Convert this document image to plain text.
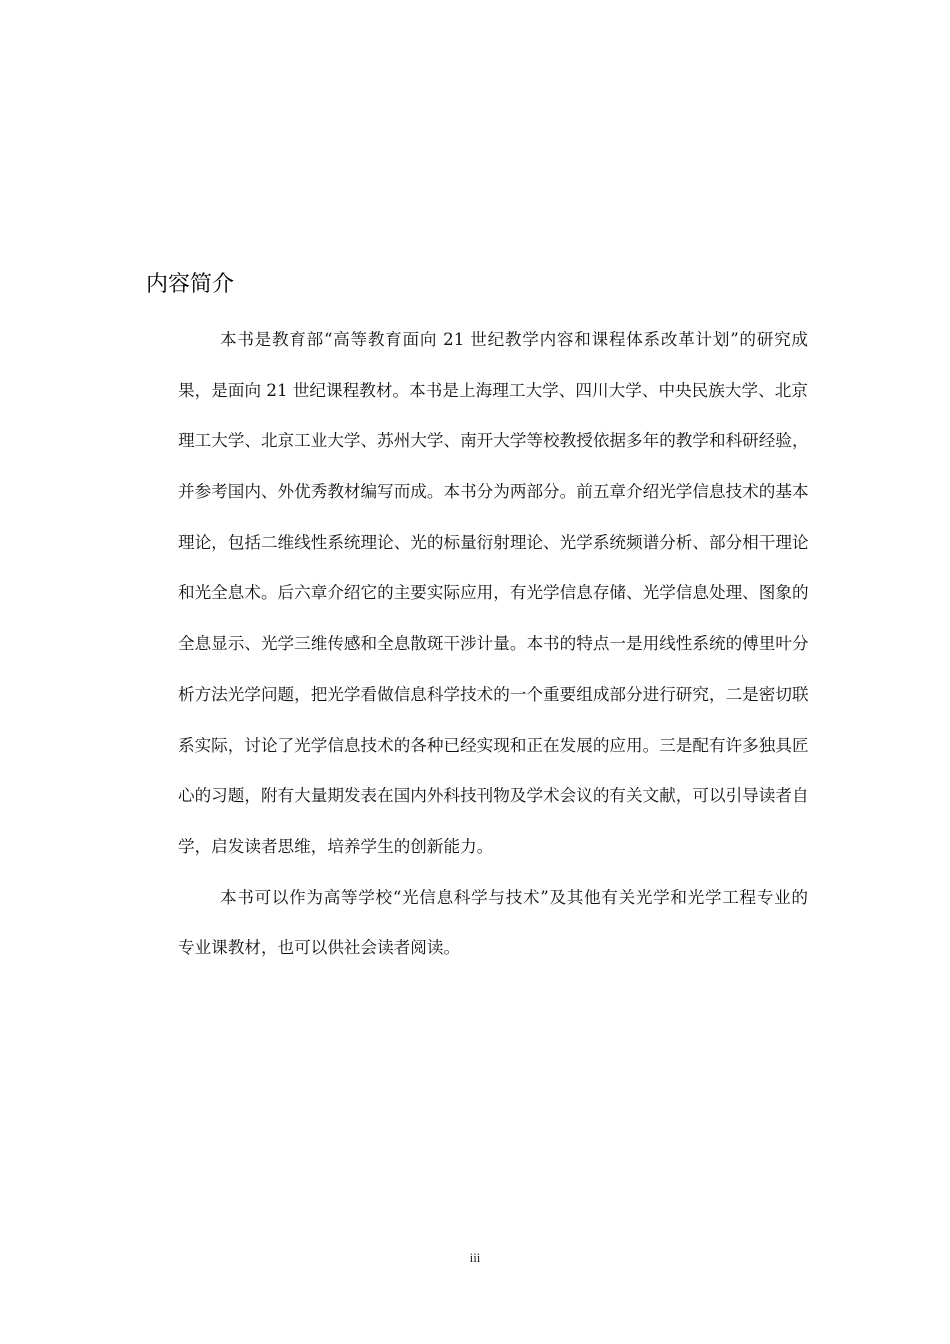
内容简介
本书是教育部“高等教育面向 21 世纪教学内容和课程体系改革计划”的研究成
果，是面向 21 世纪课程教材。本书是上海理工大学、四川大学、中央民族大学、北京
理工大学、北京工业大学、苏州大学、南开大学等校教授依据多年的教学和科研经验，
并参考国内、外优秀教材编写而成。本书分为两部分。前五章介绍光学信息技术的基本
理论，包括二维线性系统理论、光的标量衍射理论、光学系统频谱分析、部分相干理论
和光全息术。后六章介绍它的主要实际应用，有光学信息存储、光学信息处理、图象的
全息显示、光学三维传感和全息散斑干涉计量。本书的特点一是用线性系统的傅里叶分
析方法光学问题，把光学看做信息科学技术的一个重要组成部分进行研究，二是密切联
系实际，讨论了光学信息技术的各种已经实现和正在发展的应用。三是配有许多独具匠
心的习题，附有大量期发表在国内外科技刊物及学术会议的有关文献，可以引导读者自
学，启发读者思维，培养学生的创新能力。
本书可以作为高等学校“光信息科学与技术”及其他有关光学和光学工程专业的
专业课教材，也可以供社会读者阅读。
iii
